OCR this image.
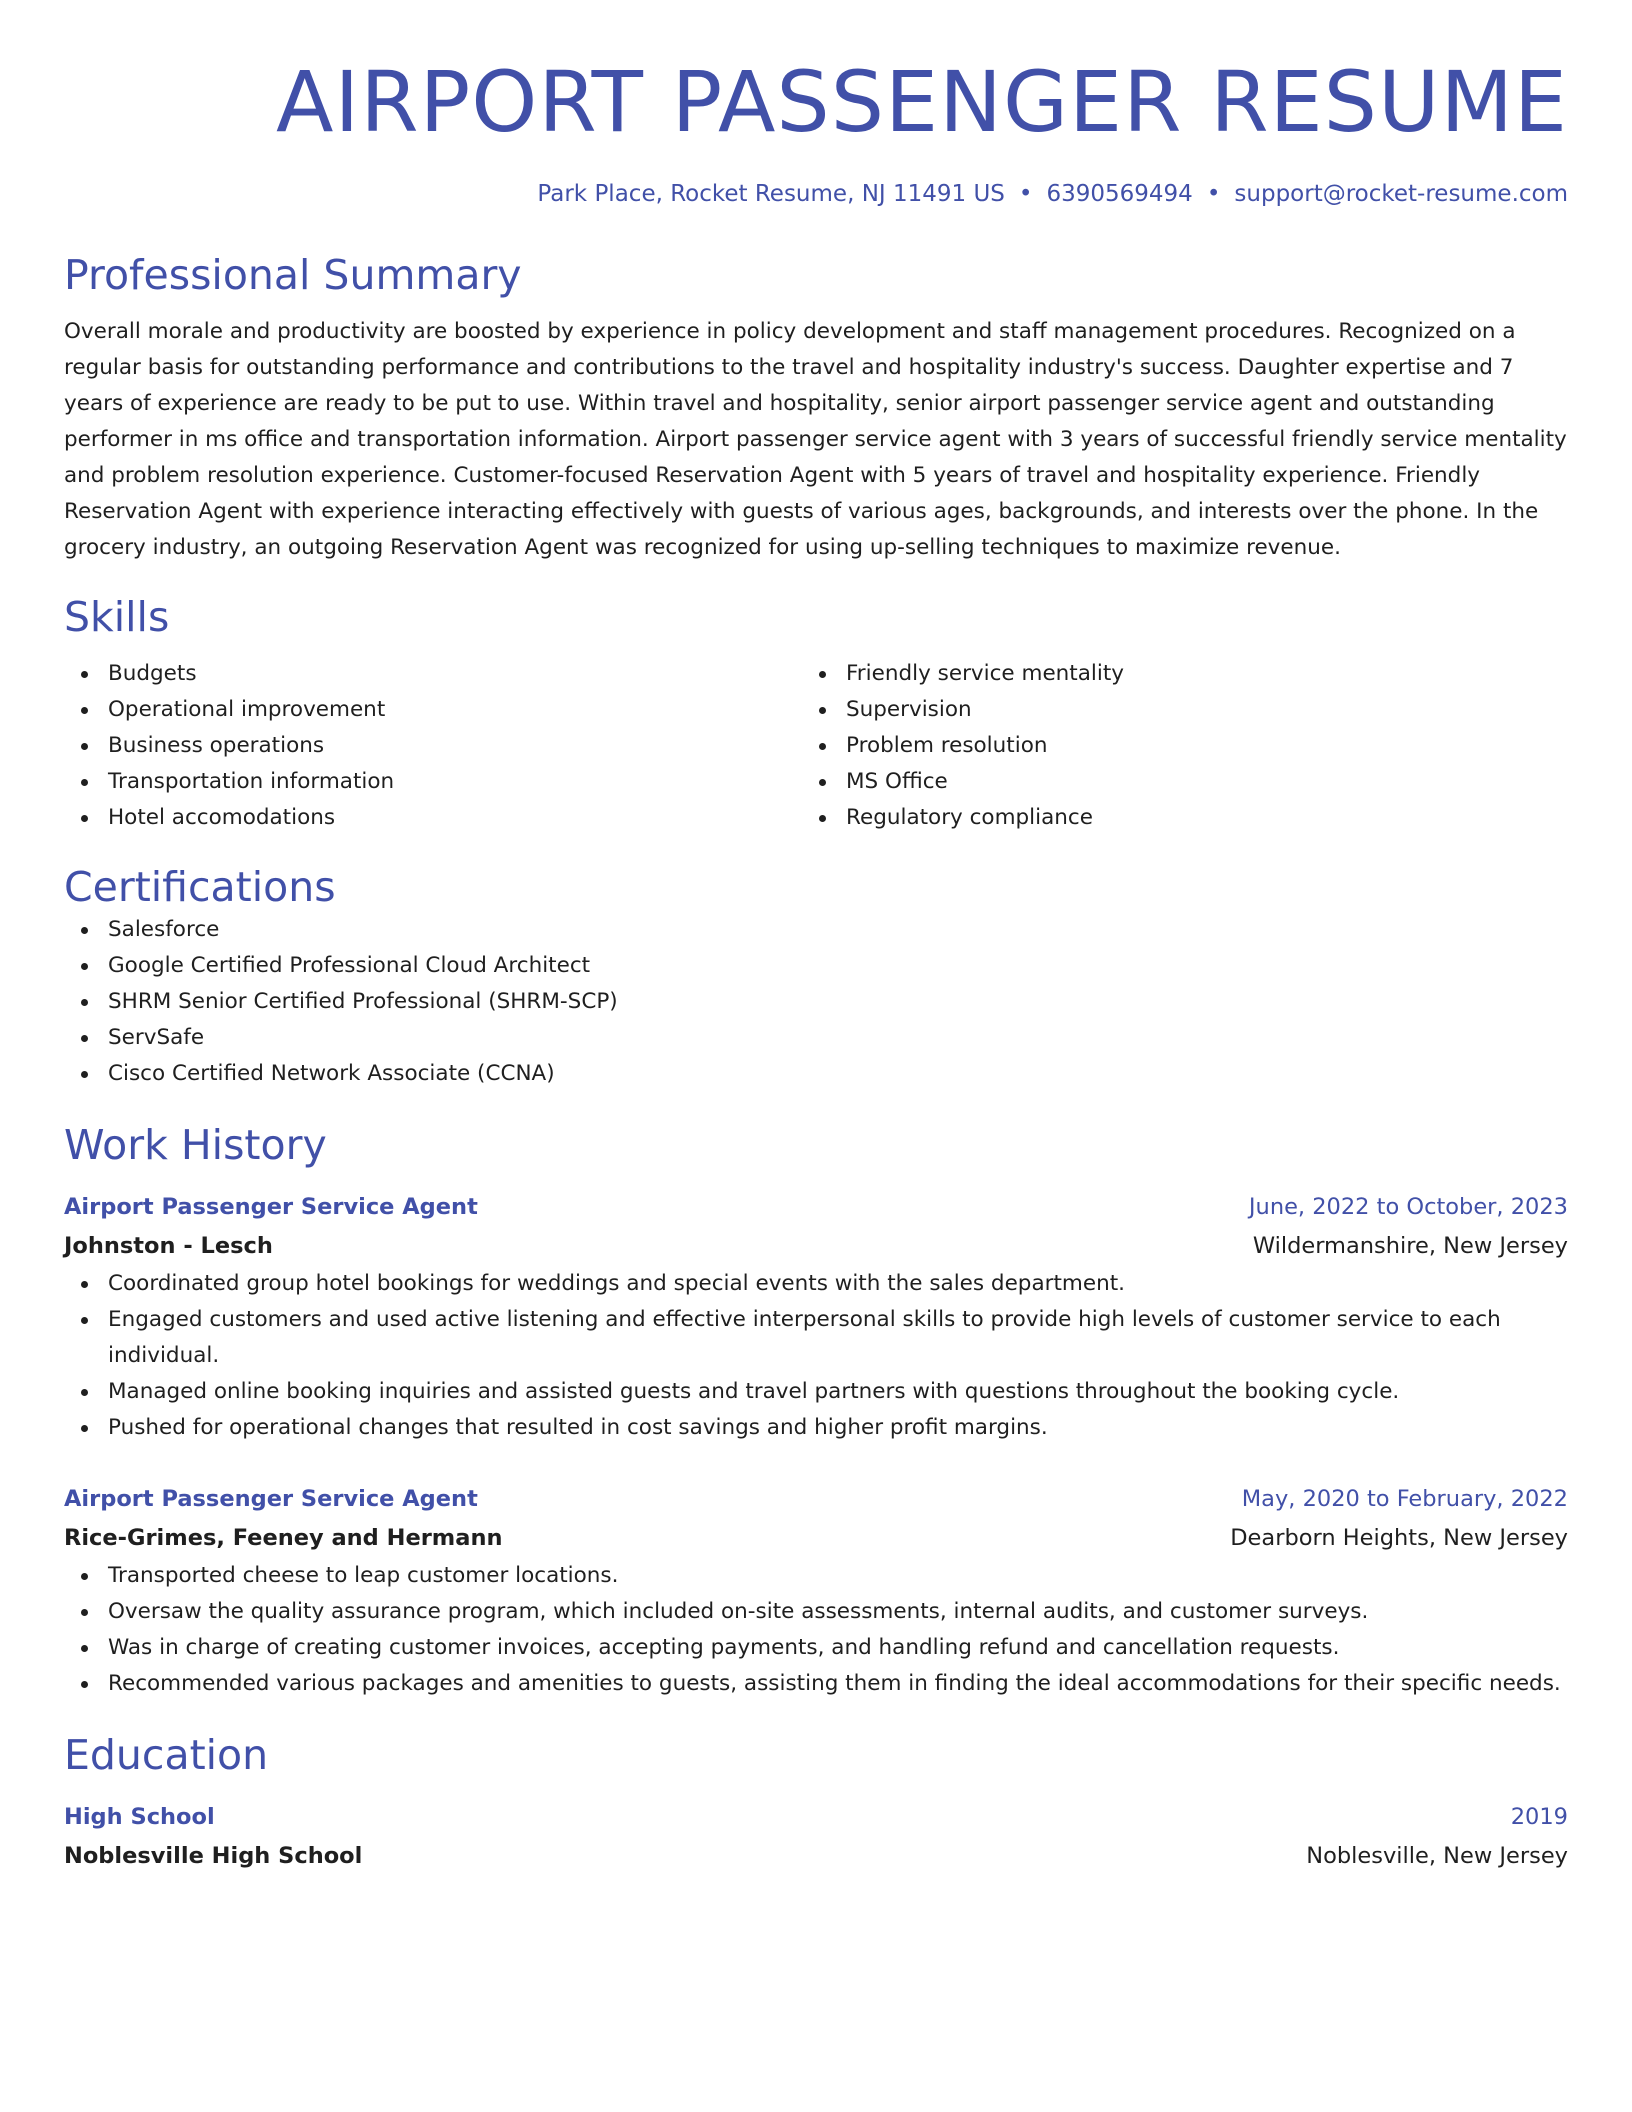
AIRPORT PASSENGER RESUME
Park Place, Rocket Resume, NJ 11491 US • 6390569494 • support@rocket-resume.com
Professional Summary
Overall morale and productivity are boosted by experience in policy development and staff management procedures. Recognized on a regular basis for outstanding performance and contributions to the travel and hospitality industry's success. Daughter expertise and 7 years of experience are ready to be put to use. Within travel and hospitality, senior airport passenger service agent and outstanding performer in ms office and transportation information. Airport passenger service agent with 3 years of successful friendly service mentality and problem resolution experience. Customer-focused Reservation Agent with 5 years of travel and hospitality experience. Friendly Reservation Agent with experience interacting effectively with guests of various ages, backgrounds, and interests over the phone. In the grocery industry, an outgoing Reservation Agent was recognized for using up-selling techniques to maximize revenue.
Skills
Budgets
Operational improvement
Business operations
Transportation information
Hotel accomodations
Friendly service mentality
Supervision
Problem resolution
MS Office
Regulatory compliance
Certifications
Salesforce
Google Certified Professional Cloud Architect
SHRM Senior Certified Professional (SHRM-SCP)
ServSafe
Cisco Certified Network Associate (CCNA)
Work History
Airport Passenger Service Agent	June, 2022 to October, 2023
Johnston - Lesch	Wildermanshire, New Jersey
Coordinated group hotel bookings for weddings and special events with the sales department.
Engaged customers and used active listening and effective interpersonal skills to provide high levels of customer service to each individual.
Managed online booking inquiries and assisted guests and travel partners with questions throughout the booking cycle.
Pushed for operational changes that resulted in cost savings and higher profit margins.
Airport Passenger Service Agent	May, 2020 to February, 2022
Rice-Grimes, Feeney and Hermann	Dearborn Heights, New Jersey
Transported cheese to leap customer locations.
Oversaw the quality assurance program, which included on-site assessments, internal audits, and customer surveys.
Was in charge of creating customer invoices, accepting payments, and handling refund and cancellation requests.
Recommended various packages and amenities to guests, assisting them in finding the ideal accommodations for their specific needs.
Education
High School	2019
Noblesville High School	Noblesville, New Jersey
